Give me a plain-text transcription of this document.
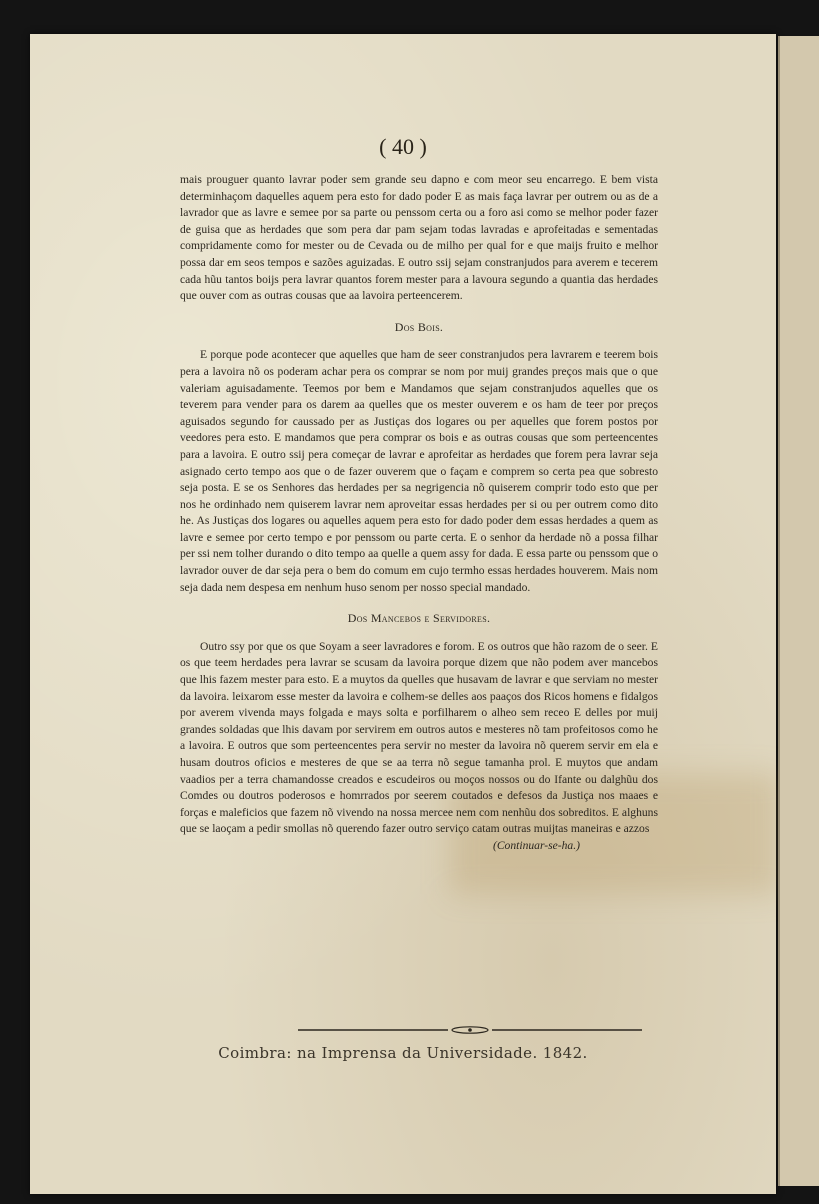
( 40 )

mais prouguer quanto lavrar poder sem grande seu dapno e com meor seu encarrego. E bem vista determinhaçom daquelles aquem pera esto for dado poder E as mais faça lavrar per outrem ou as de a lavrador que as lavre e semee por sa parte ou penssom certa ou a foro asi como se melhor poder fazer de guisa que as herdades que som pera dar pam sejam todas lavradas e aprofeitadas e sementadas compridamente como for mester ou de Cevada ou de milho per qual for e que maijs fruito e melhor possa dar em seos tempos e sazões aguizadas. E outro ssij sejam constranjudos para averem e tecerem cada hũu tantos boijs pera lavrar quantos forem mester para a lavoura segundo a quantia das herdades que ouver com as outras cousas que aa lavoira perteencerem.

Dos Bois.

E porque pode acontecer que aquelles que ham de seer constranjudos pera lavrarem e teerem bois pera a lavoira nõ os poderam achar pera os comprar se nom por muij grandes preços mais que o que valeriam aguisadamente. Teemos por bem e Mandamos que sejam constranjudos aquelles que os teverem para vender para os darem aa quelles que os mester ouverem e os ham de teer por preços aguisados segundo for caussado per as Justiças dos logares ou per aquelles que forem postos por veedores pera esto. E mandamos que pera comprar os bois e as outras cousas que som perteencentes para a lavoira. E outro ssij pera começar de lavrar e aprofeitar as herdades que forem pera lavrar seja asignado certo tempo aos que o de fazer ouverem que o façam e comprem so certa pea que sobresto seja posta. E se os Senhores das herdades per sa negrigencia nõ quiserem comprir todo esto que per nos he ordinhado nem quiserem lavrar nem aproveitar essas herdades per si ou per outrem como dito he. As Justiças dos logares ou aquelles aquem pera esto for dado poder dem essas herdades a quem as lavre e semee por certo tempo e por penssom ou parte certa. E o senhor da herdade nõ a possa filhar per ssi nem tolher durando o dito tempo aa quelle a quem assy for dada. E essa parte ou penssom que o lavrador ouver de dar seja pera o bem do comum em cujo termho essas herdades houverem. Mais nom seja dada nem despesa em nenhum huso senom per nosso special mandado.

Dos Mancebos e Servidores.

Outro ssy por que os que Soyam a seer lavradores e forom. E os outros que hão razom de o seer. E os que teem herdades pera lavrar se scusam da lavoira porque dizem que não podem aver mancebos que lhis fazem mester para esto. E a muytos da quelles que husavam de lavrar e que serviam no mester da lavoira. leixarom esse mester da lavoira e colhem-se delles aos paaços dos Ricos homens e fidalgos por averem vivenda mays folgada e mays solta e porfilharem o alheo sem receo E delles por muij grandes soldadas que lhis davam por servirem em outros autos e mesteres nõ tam profeitosos como he a lavoira. E outros que som perteencentes pera servir no mester da lavoira nõ querem servir em ela e husam doutros oficios e mesteres de que se aa terra nõ segue tamanha prol. E muytos que andam vaadios per a terra chamandosse creados e escudeiros ou moços nossos ou do Ifante ou dalghũu dos Comdes ou doutros poderosos e homrrados por seerem coutados e defesos da Justiça nos maaes e forças e maleficios que fazem nõ vivendo na nossa mercee nem com nenhũu dos sobreditos. E alghuns que se laoçam a pedir smollas nõ querendo fazer outro serviço catam outras muijtas maneiras e azzos

(Continuar-se-ha.)

Coimbra: na Imprensa da Universidade. 1842.
